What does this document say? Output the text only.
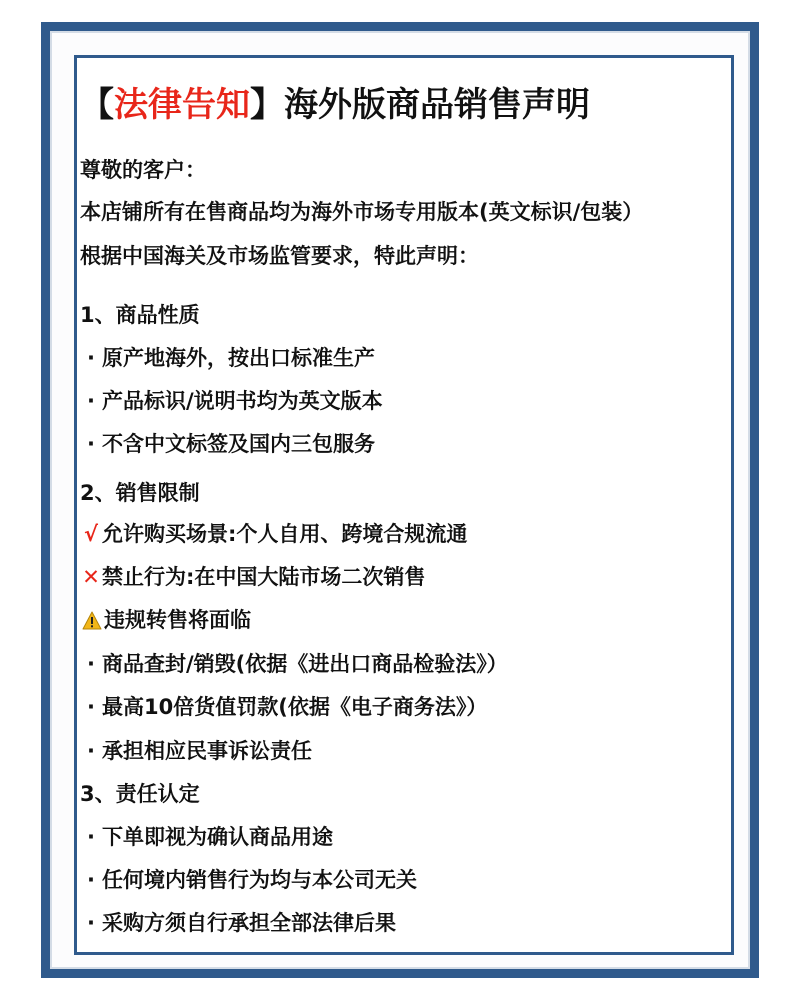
【法律告知】海外版商品销售声明
尊敬的客户：
本店铺所有在售商品均为海外市场专用版本(英文标识/包装）
根据中国海关及市场监管要求，特此声明：
1、商品性质
· 原产地海外，按出口标准生产
· 产品标识/说明书均为英文版本
· 不含中文标签及国内三包服务
2、销售限制
√ 允许购买场景:个人自用、跨境合规流通
✕ 禁止行为:在中国大陆市场二次销售
违规转售将面临
· 商品查封/销毁(依据《进出口商品检验法》）
· 最高10倍货值罚款(依据《电子商务法》）
· 承担相应民事诉讼责任
3、责任认定
· 下单即视为确认商品用途
· 任何境内销售行为均与本公司无关
· 采购方须自行承担全部法律后果
